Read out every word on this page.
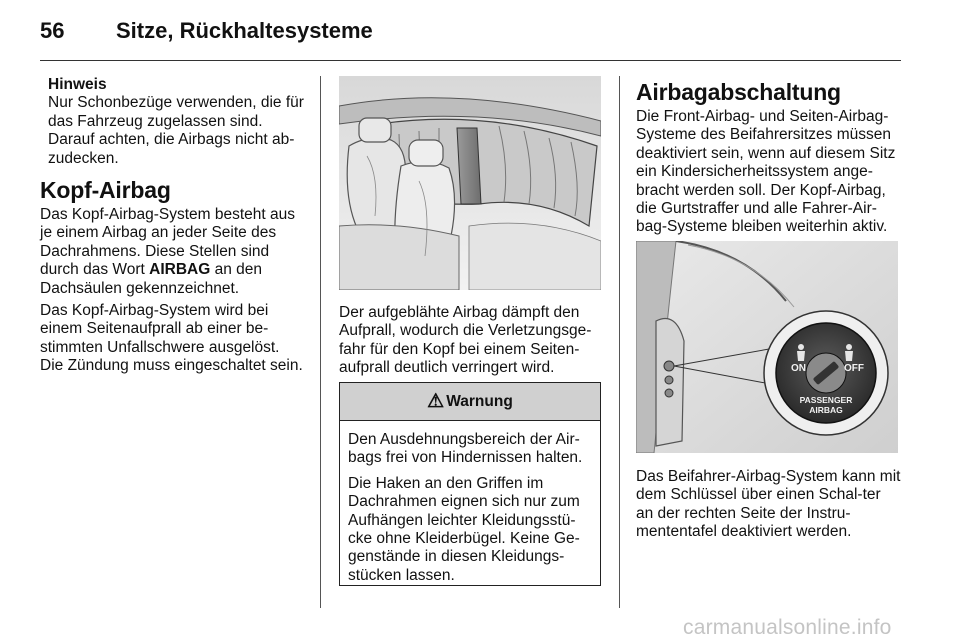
56 Sitze, Rückhaltesysteme
Hinweis
Nur Schonbezüge verwenden, die für das Fahrzeug zugelassen sind. Darauf achten, die Airbags nicht ab-zudecken.
Kopf-Airbag

Das Kopf-Airbag-System besteht aus je einem Airbag an jeder Seite des Dachrahmens. Diese Stellen sind durch das Wort AIRBAG an den Dachsäulen gekennzeichnet.

Das Kopf-Airbag-System wird bei einem Seitenaufprall ab einer be-stimmten Unfallschwere ausgelöst. Die Zündung muss eingeschaltet sein.

Der aufgeblähte Airbag dämpft den Aufprall, wodurch die Verletzungsge-fahr für den Kopf bei einem Seiten-aufprall deutlich verringert wird.

⚠ Warnung

Den Ausdehnungsbereich der Air-bags frei von Hindernissen halten.

Die Haken an den Griffen im Dachrahmen eignen sich nur zum Aufhängen leichter Kleidungsstü-cke ohne Kleiderbügel. Keine Ge-genstände in diesen Kleidungs-stücken lassen.

Airbagabschaltung

Die Front-Airbag- und Seiten-Airbag-Systeme des Beifahrersitzes müssen deaktiviert sein, wenn auf diesem Sitz ein Kindersicherheitssystem ange-bracht werden soll. Der Kopf-Airbag, die Gurtstraffer und alle Fahrer-Air-bag-Systeme bleiben weiterhin aktiv.

ON	OFF
PASSENGER
AIRBAG

Das Beifahrer-Airbag-System kann mit dem Schlüssel über einen Schal-ter an der rechten Seite der Instru-mententafel deaktiviert werden.

carmanualsonline.info
